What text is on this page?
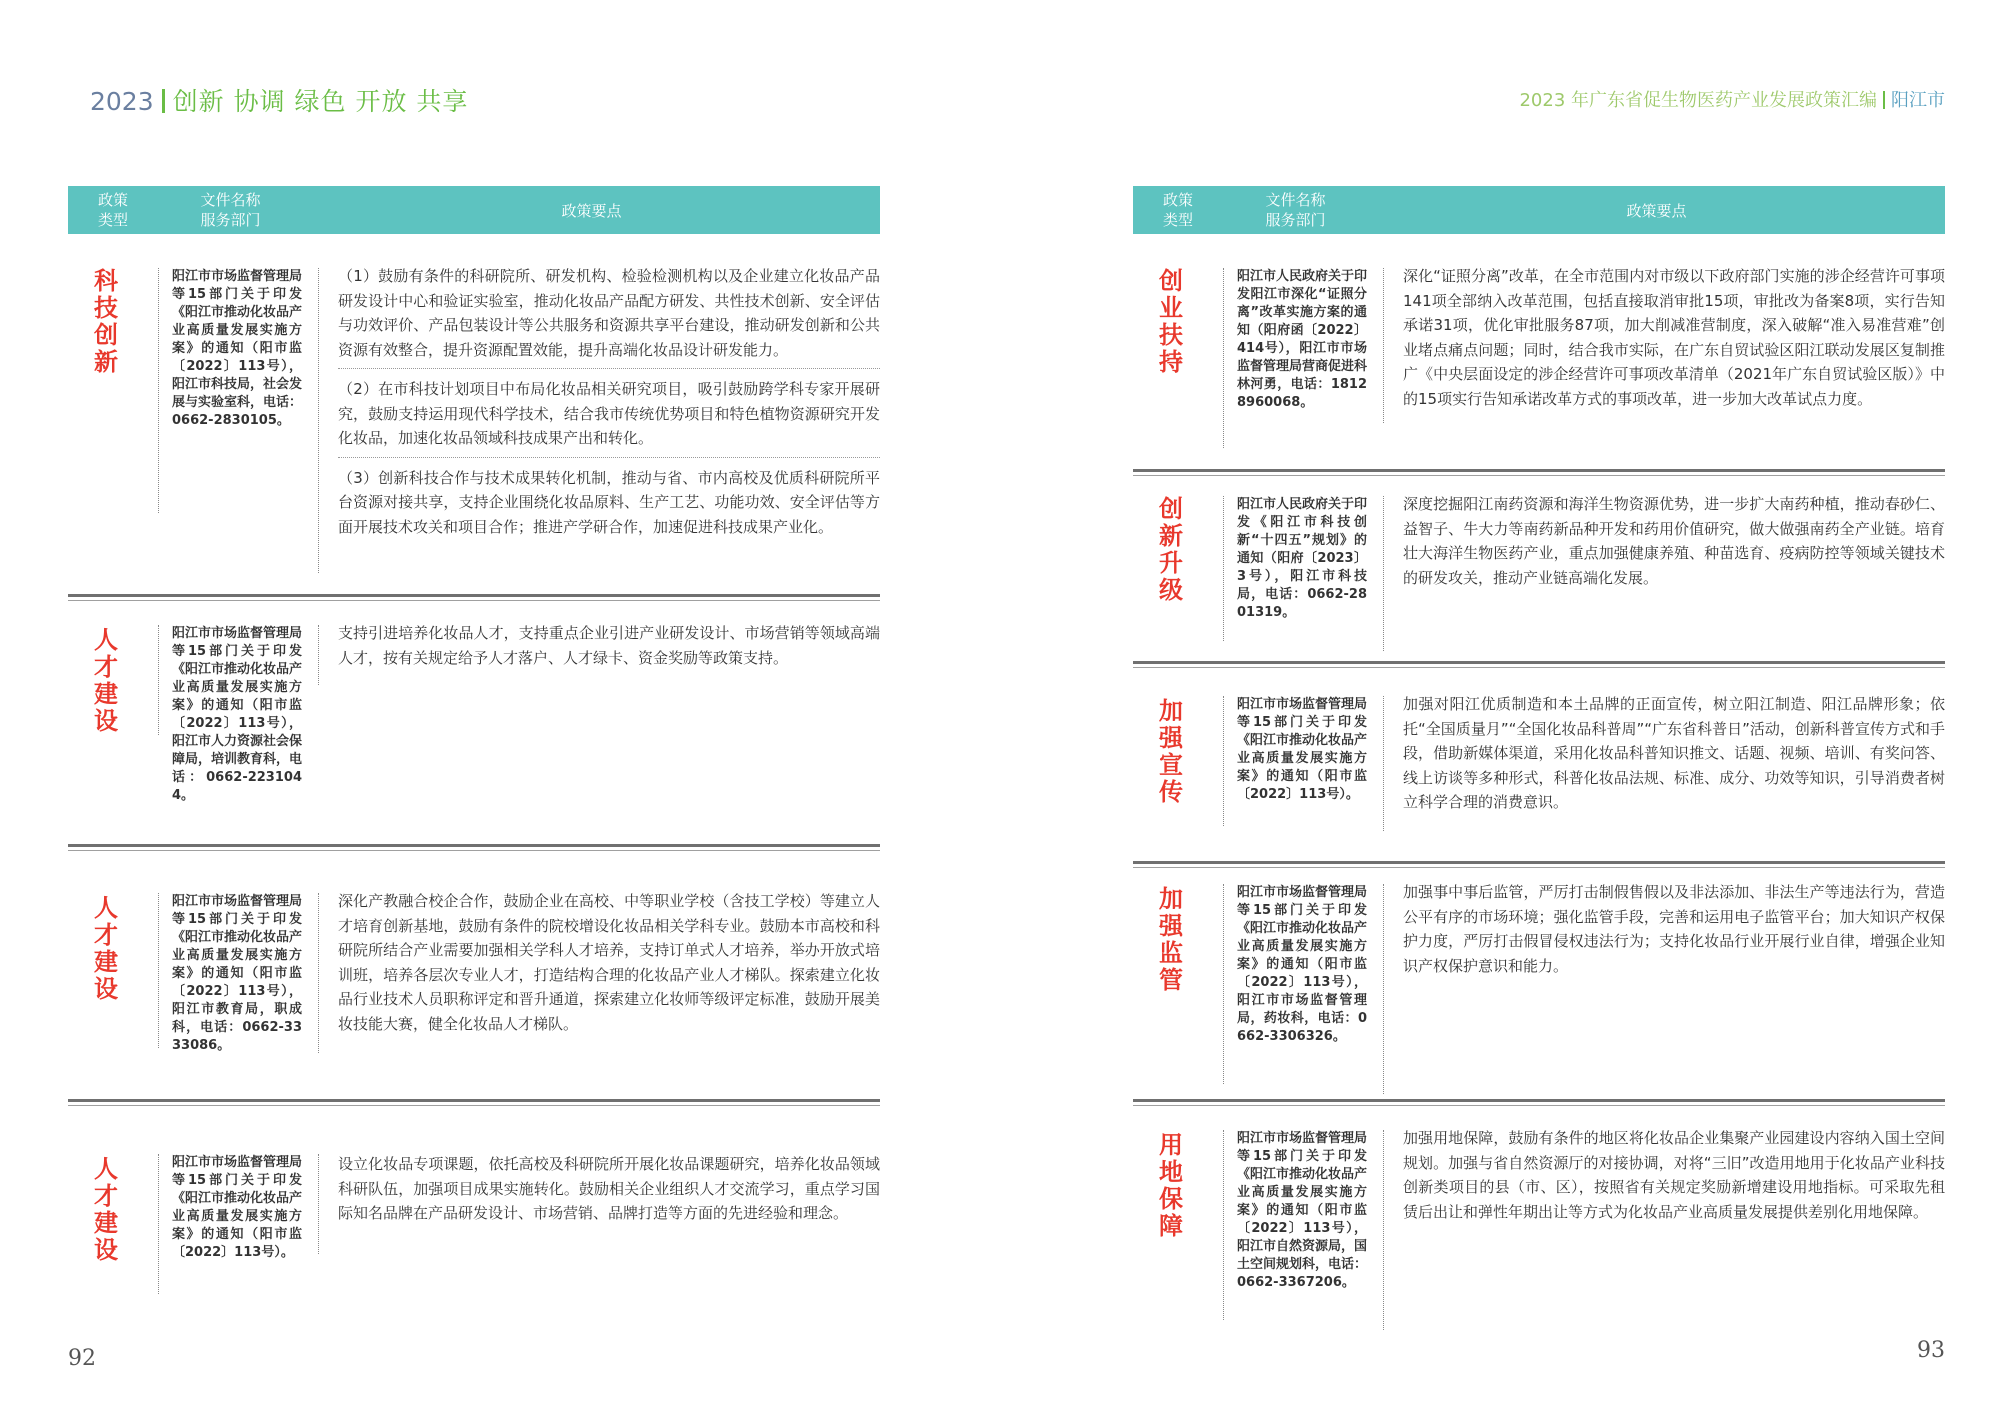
2023 创新 协调 绿色 开放 共享
政策
类型
文件名称
服务部门	政策要点
科
技
创
新
阳江市市场监督管理局等15部门关于印发《阳江市推动化妆品产业高质量发展实施方案》的通知（阳市监〔2022〕113号），阳江市科技局，社会发展与实验室科，电话：0662-2830105。
（1）鼓励有条件的科研院所、研发机构、检验检测机构以及企业建立化妆品产品研发设计中心和验证实验室，推动化妆品产品配方研发、共性技术创新、安全评估与功效评价、产品包装设计等公共服务和资源共享平台建设，推动研发创新和公共资源有效整合，提升资源配置效能，提升高端化妆品设计研发能力。
（2）在市科技计划项目中布局化妆品相关研究项目，吸引鼓励跨学科专家开展研究，鼓励支持运用现代科学技术，结合我市传统优势项目和特色植物资源研究开发化妆品，加速化妆品领域科技成果产出和转化。
（3）创新科技合作与技术成果转化机制，推动与省、市内高校及优质科研院所平台资源对接共享，支持企业围绕化妆品原料、生产工艺、功能功效、安全评估等方面开展技术攻关和项目合作；推进产学研合作，加速促进科技成果产业化。
人
才
建
设
阳江市市场监督管理局等15部门关于印发《阳江市推动化妆品产业高质量发展实施方案》的通知（阳市监〔2022〕113号），阳江市人力资源社会保障局，培训教育科，电话：0662-2231044。
支持引进培养化妆品人才，支持重点企业引进产业研发设计、市场营销等领域高端人才，按有关规定给予人才落户、人才绿卡、资金奖励等政策支持。
人
才
建
设
阳江市市场监督管理局等15部门关于印发《阳江市推动化妆品产业高质量发展实施方案》的通知（阳市监〔2022〕113号），阳江市教育局，职成科，电话：0662-3333086。
深化产教融合校企合作，鼓励企业在高校、中等职业学校（含技工学校）等建立人才培育创新基地，鼓励有条件的院校增设化妆品相关学科专业。鼓励本市高校和科研院所结合产业需要加强相关学科人才培养，支持订单式人才培养，举办开放式培训班，培养各层次专业人才，打造结构合理的化妆品产业人才梯队。探索建立化妆品行业技术人员职称评定和晋升通道，探索建立化妆师等级评定标准，鼓励开展美妆技能大赛，健全化妆品人才梯队。
人
才
建
设
阳江市市场监督管理局等15部门关于印发《阳江市推动化妆品产业高质量发展实施方案》的通知（阳市监〔2022〕113号）。
设立化妆品专项课题，依托高校及科研院所开展化妆品课题研究，培养化妆品领域科研队伍，加强项目成果实施转化。鼓励相关企业组织人才交流学习，重点学习国际知名品牌在产品研发设计、市场营销、品牌打造等方面的先进经验和理念。
92
2023 年广东省促生物医药产业发展政策汇编 阳江市
政策
类型
文件名称
服务部门	政策要点
创
业
扶
持
阳江市人民政府关于印发阳江市深化“证照分离”改革实施方案的通知（阳府函〔2022〕414号），阳江市市场监督管理局营商促进科林河勇，电话：18128960068。
深化“证照分离”改革，在全市范围内对市级以下政府部门实施的涉企经营许可事项141项全部纳入改革范围，包括直接取消审批15项，审批改为备案8项，实行告知承诺31项，优化审批服务87项，加大削减准营制度，深入破解“准入易准营难”创业堵点痛点问题；同时，结合我市实际，在广东自贸试验区阳江联动发展区复制推广《中央层面设定的涉企经营许可事项改革清单（2021年广东自贸试验区版）》中的15项实行告知承诺改革方式的事项改革，进一步加大改革试点力度。
创
新
升
级
阳江市人民政府关于印发《阳江市科技创新“十四五”规划》的通知（阳府〔2023〕3号），阳江市科技局，电话：0662-2801319。
深度挖掘阳江南药资源和海洋生物资源优势，进一步扩大南药种植，推动春砂仁、益智子、牛大力等南药新品种开发和药用价值研究，做大做强南药全产业链。培育壮大海洋生物医药产业，重点加强健康养殖、种苗选育、疫病防控等领域关键技术的研发攻关，推动产业链高端化发展。
加
强
宣
传
阳江市市场监督管理局等15部门关于印发《阳江市推动化妆品产业高质量发展实施方案》的通知（阳市监〔2022〕113号）。
加强对阳江优质制造和本土品牌的正面宣传，树立阳江制造、阳江品牌形象；依托“全国质量月”“全国化妆品科普周”“广东省科普日”活动，创新科普宣传方式和手段，借助新媒体渠道，采用化妆品科普知识推文、话题、视频、培训、有奖问答、线上访谈等多种形式，科普化妆品法规、标准、成分、功效等知识，引导消费者树立科学合理的消费意识。
加
强
监
管
阳江市市场监督管理局等15部门关于印发《阳江市推动化妆品产业高质量发展实施方案》的通知（阳市监〔2022〕113号），阳江市市场监督管理局，药妆科，电话：0662-3306326。
加强事中事后监管，严厉打击制假售假以及非法添加、非法生产等违法行为，营造公平有序的市场环境；强化监管手段，完善和运用电子监管平台；加大知识产权保护力度，严厉打击假冒侵权违法行为；支持化妆品行业开展行业自律，增强企业知识产权保护意识和能力。
用
地
保
障
阳江市市场监督管理局等15部门关于印发《阳江市推动化妆品产业高质量发展实施方案》的通知（阳市监〔2022〕113号），阳江市自然资源局，国土空间规划科，电话：0662-3367206。
加强用地保障，鼓励有条件的地区将化妆品企业集聚产业园建设内容纳入国土空间规划。加强与省自然资源厅的对接协调，对将“三旧”改造用地用于化妆品产业科技创新类项目的县（市、区），按照省有关规定奖励新增建设用地指标。可采取先租赁后出让和弹性年期出让等方式为化妆品产业高质量发展提供差别化用地保障。
93
